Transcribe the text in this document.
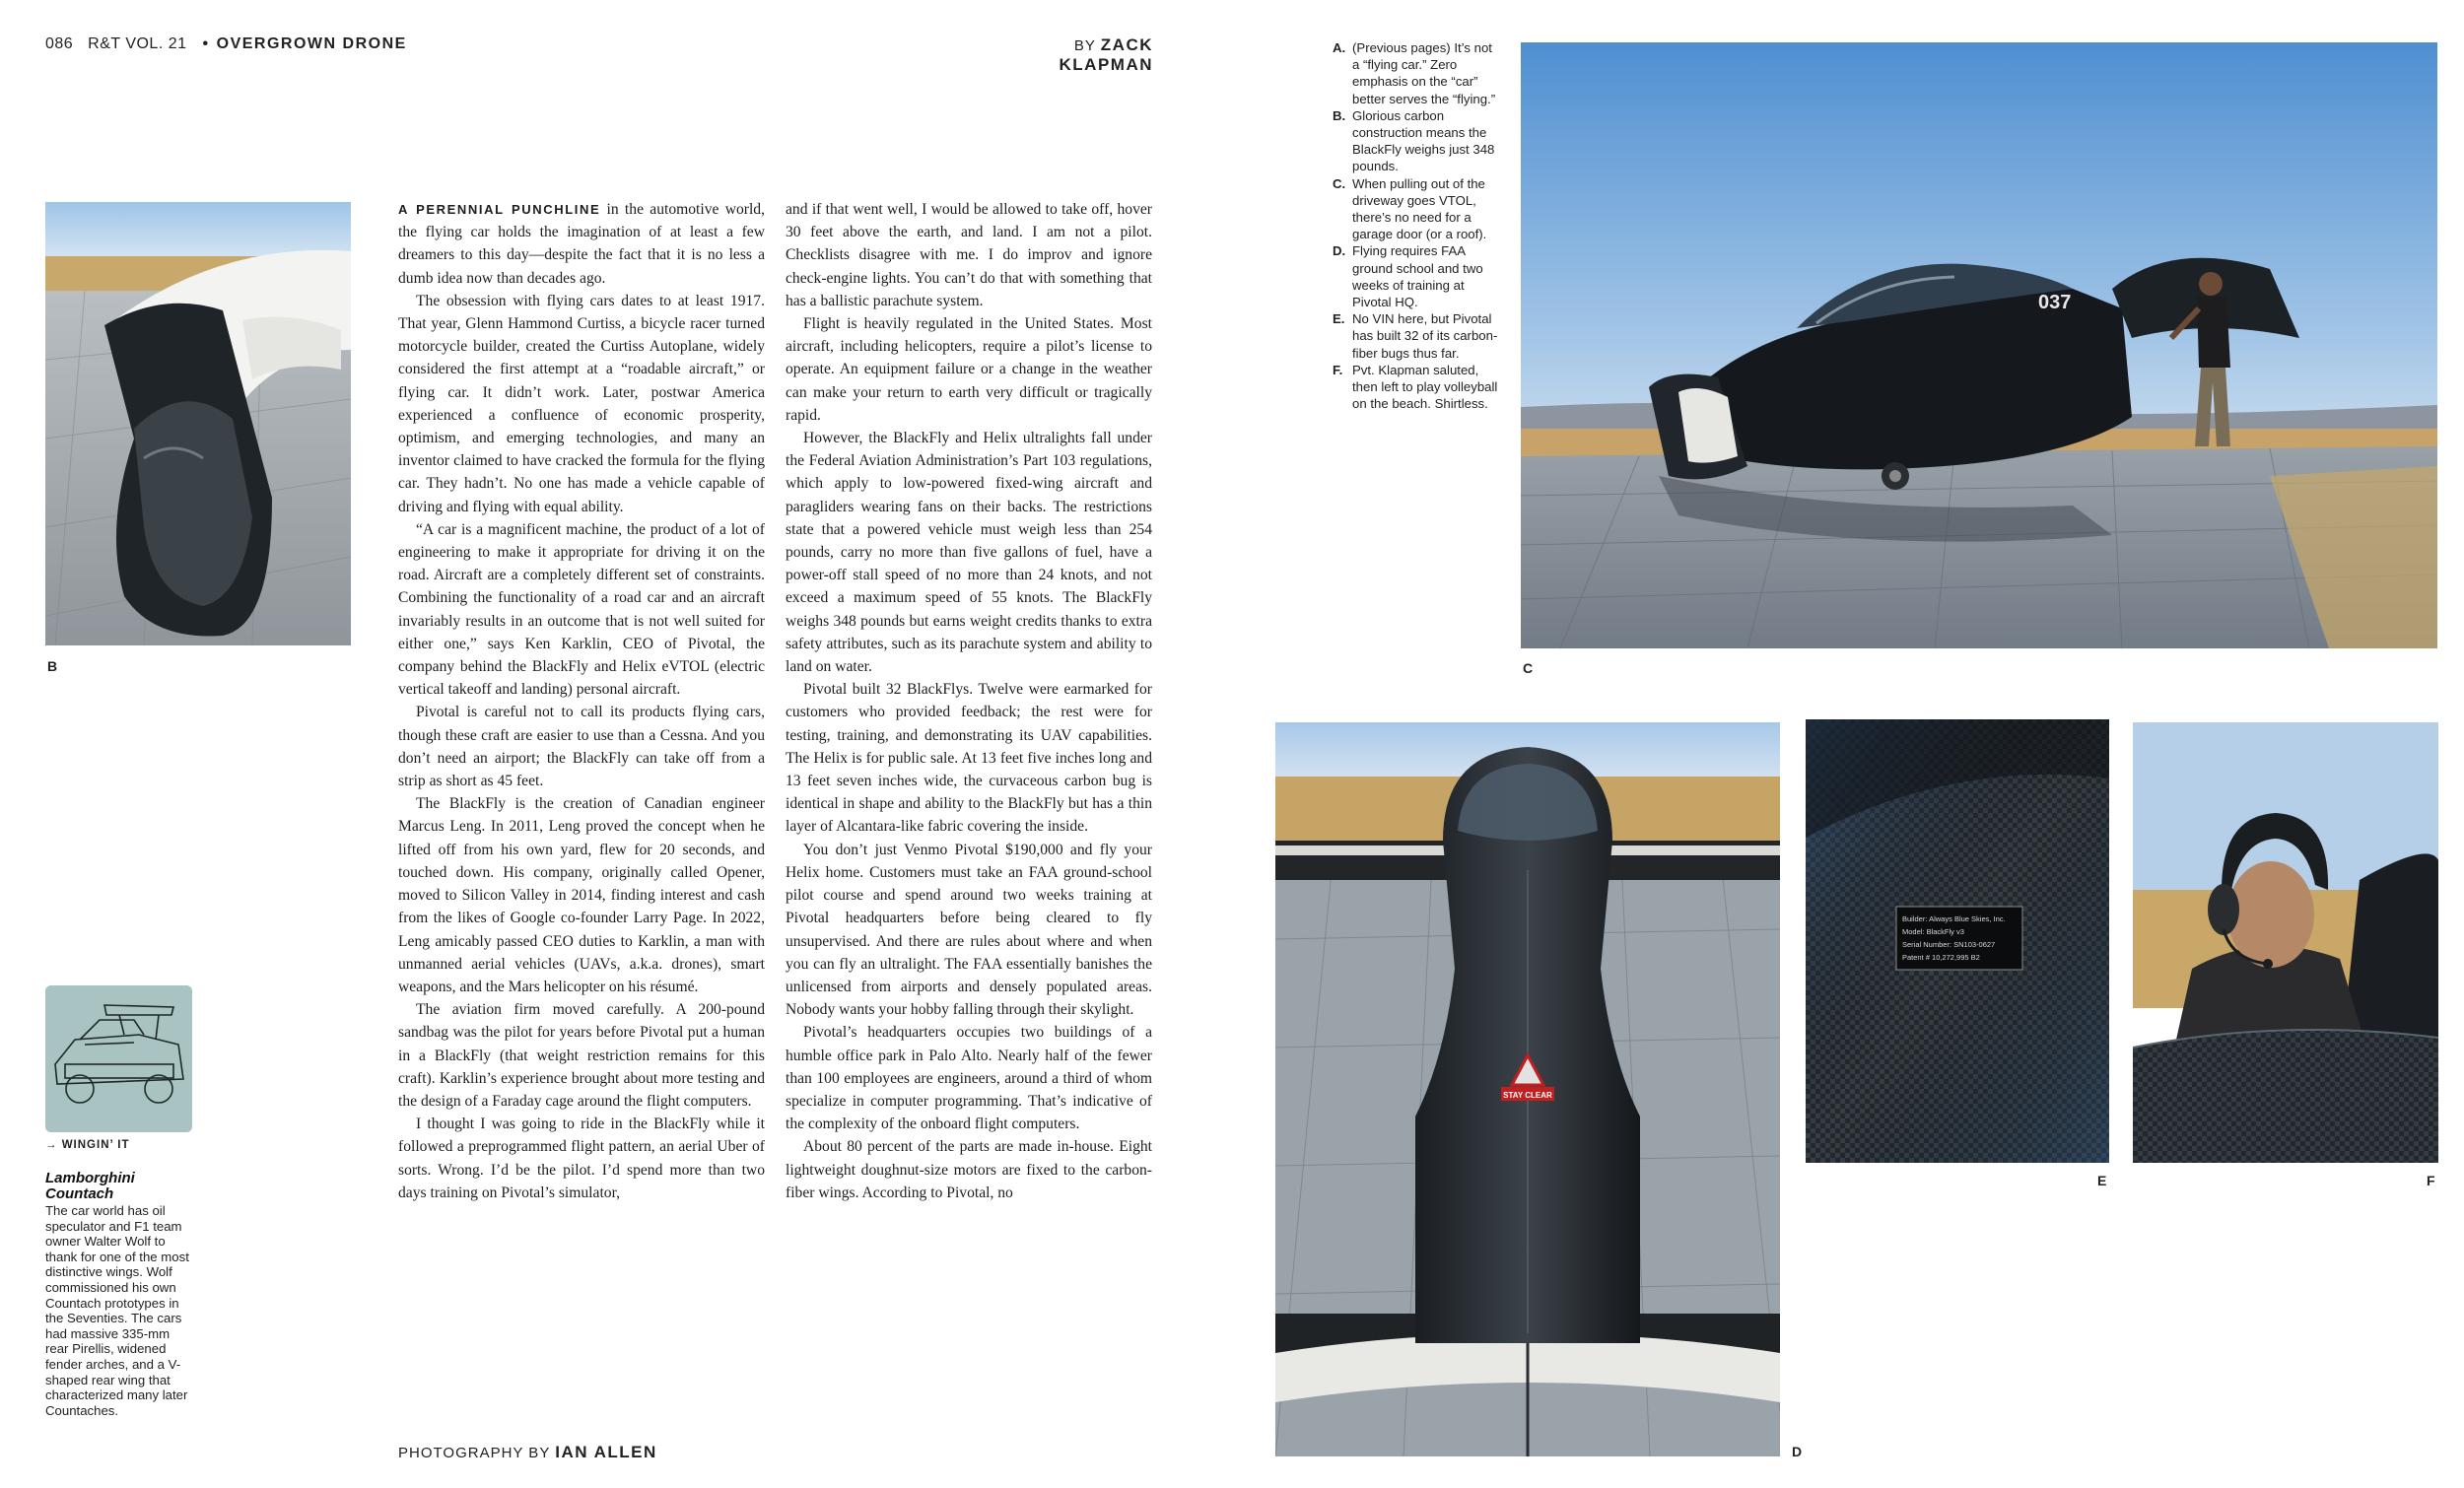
086 R&T VOL. 21 • OVERGROWN DRONE	BY ZACK KLAPMAN
B
→ WINGIN’ IT
Lamborghini Countach
The car world has oil speculator and F1 team owner Walter Wolf to thank for one of the most distinctive wings. Wolf commissioned his own Countach prototypes in the Seventies. The cars had massive 335-mm rear Pirellis, widened fender arches, and a V-shaped rear wing that characterized many later Countaches.

A PERENNIAL PUNCHLINE in the automotive world, the flying car holds the imagination of at least a few dreamers to this day—despite the fact that it is no less a dumb idea now than decades ago.

The obsession with flying cars dates to at least 1917. That year, Glenn Hammond Curtiss, a bicycle racer turned motorcycle builder, created the Curtiss Autoplane, widely considered the first attempt at a “roadable aircraft,” or flying car. It didn’t work. Later, postwar America experienced a confluence of economic prosperity, optimism, and emerging technologies, and many an inventor claimed to have cracked the formula for the flying car. They hadn’t. No one has made a vehicle capable of driving and flying with equal ability.

“A car is a magnificent machine, the product of a lot of engineering to make it appropriate for driving it on the road. Aircraft are a completely different set of constraints. Combining the functionality of a road car and an aircraft invariably results in an outcome that is not well suited for either one,” says Ken Karklin, CEO of Pivotal, the company behind the BlackFly and Helix eVTOL (electric vertical takeoff and landing) personal aircraft.

Pivotal is careful not to call its products flying cars, though these craft are easier to use than a Cessna. And you don’t need an airport; the BlackFly can take off from a strip as short as 45 feet.

The BlackFly is the creation of Canadian engineer Marcus Leng. In 2011, Leng proved the concept when he lifted off from his own yard, flew for 20 seconds, and touched down. His company, originally called Opener, moved to Silicon Valley in 2014, finding interest and cash from the likes of Google co-founder Larry Page. In 2022, Leng amicably passed CEO duties to Karklin, a man with unmanned aerial vehicles (UAVs, a.k.a. drones), smart weapons, and the Mars helicopter on his résumé.

The aviation firm moved carefully. A 200-pound sandbag was the pilot for years before Pivotal put a human in a BlackFly (that weight restriction remains for this craft). Karklin’s experience brought about more testing and the design of a Faraday cage around the flight computers.

I thought I was going to ride in the BlackFly while it followed a preprogrammed flight pattern, an aerial Uber of sorts. Wrong. I’d be the pilot. I’d spend more than two days training on Pivotal’s simulator,

and if that went well, I would be allowed to take off, hover 30 feet above the earth, and land. I am not a pilot. Checklists disagree with me. I do improv and ignore check-engine lights. You can’t do that with something that has a ballistic parachute system.

Flight is heavily regulated in the United States. Most aircraft, including helicopters, require a pilot’s license to operate. An equipment failure or a change in the weather can make your return to earth very difficult or tragically rapid.

However, the BlackFly and Helix ultralights fall under the Federal Aviation Administration’s Part 103 regulations, which apply to low-powered fixed-wing aircraft and paragliders wearing fans on their backs. The restrictions state that a powered vehicle must weigh less than 254 pounds, carry no more than five gallons of fuel, have a power-off stall speed of no more than 24 knots, and not exceed a maximum speed of 55 knots. The BlackFly weighs 348 pounds but earns weight credits thanks to extra safety attributes, such as its parachute system and ability to land on water.

Pivotal built 32 BlackFlys. Twelve were earmarked for customers who provided feedback; the rest were for testing, training, and demonstrating its UAV capabilities. The Helix is for public sale. At 13 feet five inches long and 13 feet seven inches wide, the curvaceous carbon bug is identical in shape and ability to the BlackFly but has a thin layer of Alcantara-like fabric covering the inside.

You don’t just Venmo Pivotal $190,000 and fly your Helix home. Customers must take an FAA ground-school pilot course and spend around two weeks training at Pivotal headquarters before being cleared to fly unsupervised. And there are rules about where and when you can fly an ultralight. The FAA essentially banishes the unlicensed from airports and densely populated areas. Nobody wants your hobby falling through their skylight.

Pivotal’s headquarters occupies two buildings of a humble office park in Palo Alto. Nearly half of the fewer than 100 employees are engineers, around a third of whom specialize in computer programming. That’s indicative of the complexity of the onboard flight computers.

About 80 percent of the parts are made in-house. Eight lightweight doughnut-size motors are fixed to the carbon-fiber wings. According to Pivotal, no

PHOTOGRAPHY BY IAN ALLEN
A. (Previous pages) It’s not a “flying car.” Zero emphasis on the “car” better serves the “flying.”
B. Glorious carbon construction means the BlackFly weighs just 348 pounds.
C. When pulling out of the driveway goes VTOL, there’s no need for a garage door (or a roof).
D. Flying requires FAA ground school and two weeks of training at Pivotal HQ.
E. No VIN here, but Pivotal has built 32 of its carbon-fiber bugs thus far.
F. Pvt. Klapman saluted, then left to play volleyball on the beach. Shirtless.
037
C
STAY CLEAR
D
Builder: Always Blue Skies, Inc.
Model: BlackFly v3
Serial Number: SN103-0627
Patent # 10,272,995 B2
E	F
